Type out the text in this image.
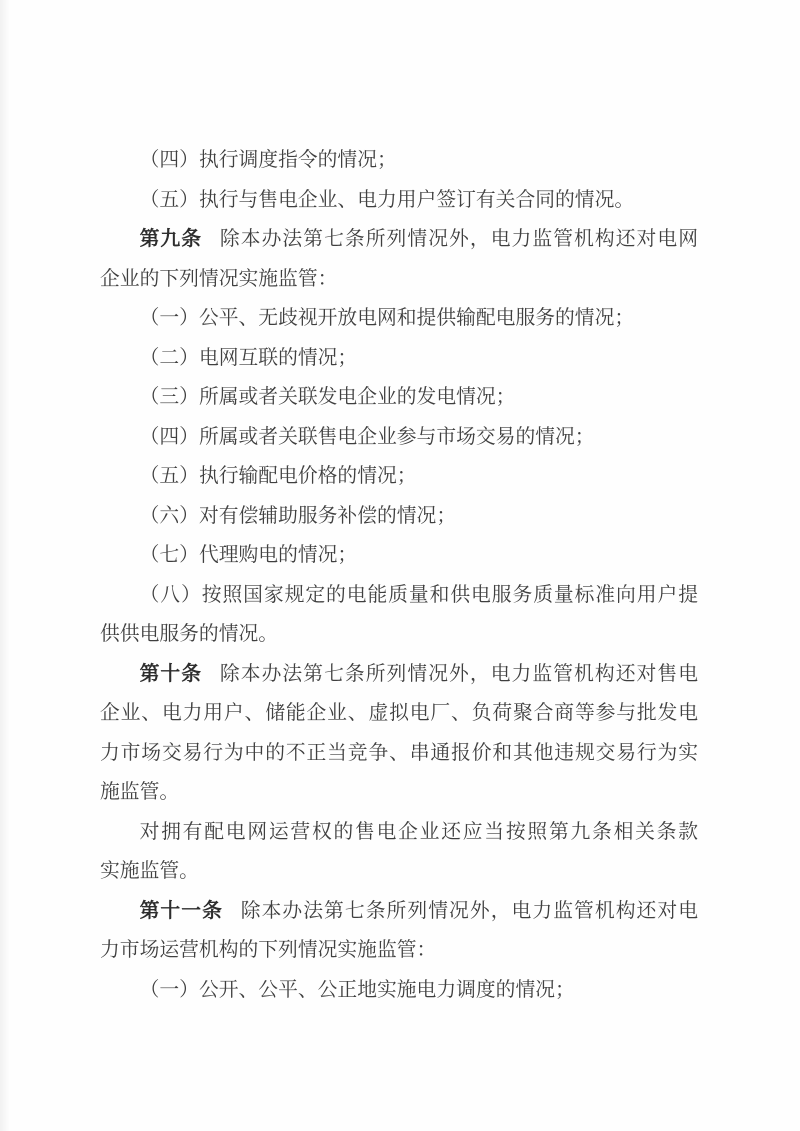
（四）执行调度指令的情况；

（五）执行与售电企业、电力用户签订有关合同的情况。

第九条 除本办法第七条所列情况外，电力监管机构还对电网
企业的下列情况实施监管：

（一）公平、无歧视开放电网和提供输配电服务的情况；

（二）电网互联的情况；

（三）所属或者关联发电企业的发电情况；

（四）所属或者关联售电企业参与市场交易的情况；

（五）执行输配电价格的情况；

（六）对有偿辅助服务补偿的情况；

（七）代理购电的情况；

（八）按照国家规定的电能质量和供电服务质量标准向用户提
供供电服务的情况。

第十条 除本办法第七条所列情况外，电力监管机构还对售电
企业、电力用户、储能企业、虚拟电厂、负荷聚合商等参与批发电
力市场交易行为中的不正当竞争、串通报价和其他违规交易行为实
施监管。

对拥有配电网运营权的售电企业还应当按照第九条相关条款
实施监管。

第十一条 除本办法第七条所列情况外，电力监管机构还对电
力市场运营机构的下列情况实施监管：

（一）公开、公平、公正地实施电力调度的情况；
